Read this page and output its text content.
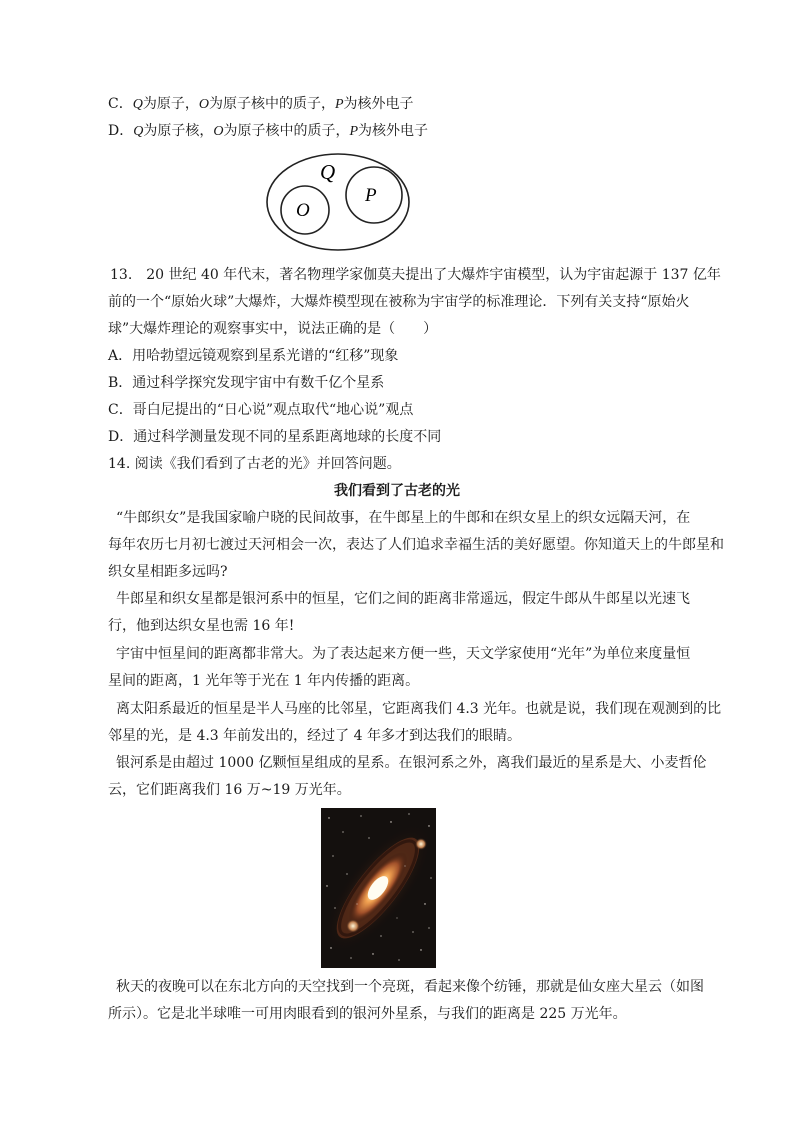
C．Q为原子，O为原子核中的质子，P为核外电子
D．Q为原子核，O为原子核中的质子，P为核外电子
Q
O
P
13.　20 世纪 40 年代末，著名物理学家伽莫夫提出了大爆炸宇宙模型，认为宇宙起源于 137 亿年
前的一个“原始火球”大爆炸，大爆炸模型现在被称为宇宙学的标准理论．下列有关支持“原始火
球”大爆炸理论的观察事实中，说法正确的是（　　）
A．用哈勃望远镜观察到星系光谱的“红移”现象
B．通过科学探究发现宇宙中有数千亿个星系
C．哥白尼提出的“日心说”观点取代“地心说”观点
D．通过科学测量发现不同的星系距离地球的长度不同
14. 阅读《我们看到了古老的光》并回答问题。
我们看到了古老的光
“牛郎织女”是我国家喻户晓的民间故事，在牛郎星上的牛郎和在织女星上的织女远隔天河，在
每年农历七月初七渡过天河相会一次，表达了人们追求幸福生活的美好愿望。你知道天上的牛郎星和
织女星相距多远吗?
牛郎星和织女星都是银河系中的恒星，它们之间的距离非常遥远，假定牛郎从牛郎星以光速飞
行，他到达织女星也需 16 年!
宇宙中恒星间的距离都非常大。为了表达起来方便一些，天文学家使用“光年”为单位来度量恒
星间的距离，1 光年等于光在 1 年内传播的距离。
离太阳系最近的恒星是半人马座的比邻星，它距离我们 4.3 光年。也就是说，我们现在观测到的比
邻星的光，是 4.3 年前发出的，经过了 4 年多才到达我们的眼睛。
银河系是由超过 1000 亿颗恒星组成的星系。在银河系之外，离我们最近的星系是大、小麦哲伦
云，它们距离我们 16 万~19 万光年。
秋天的夜晚可以在东北方向的天空找到一个亮斑，看起来像个纺锤，那就是仙女座大星云（如图
所示）。它是北半球唯一可用肉眼看到的银河外星系，与我们的距离是 225 万光年。
